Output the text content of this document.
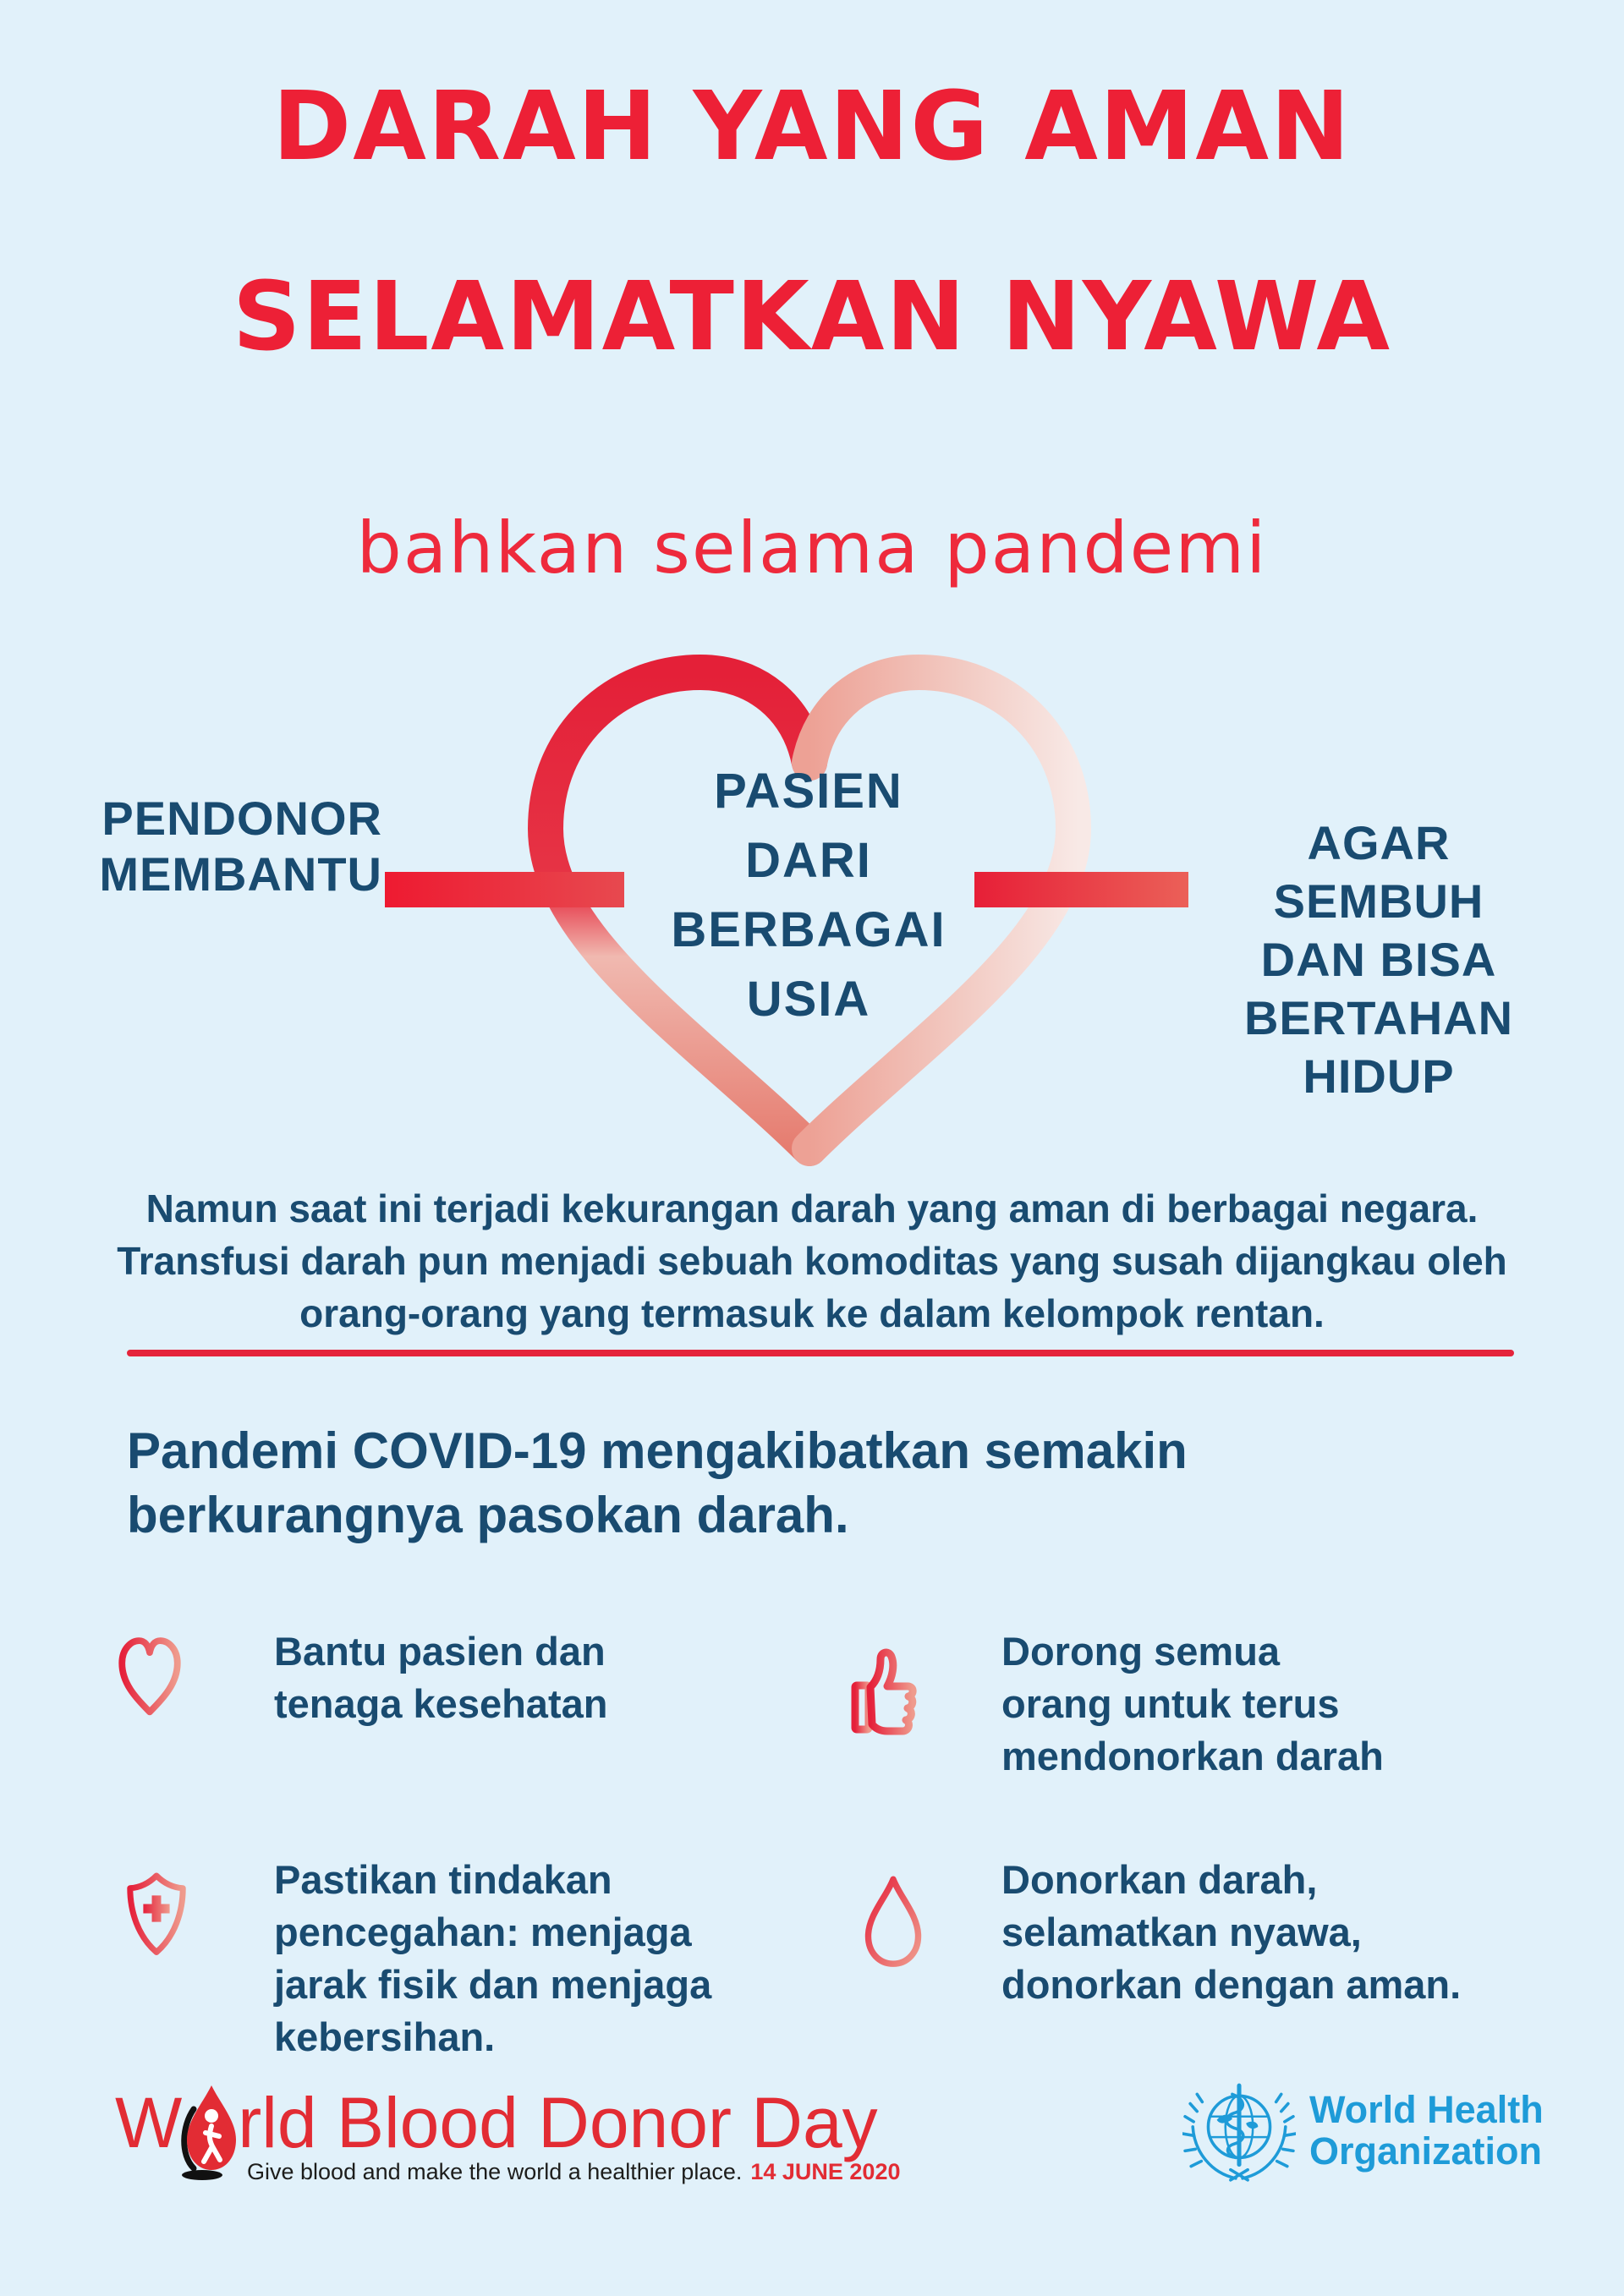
DARAH YANG AMAN
SELAMATKAN NYAWA
bahkan selama pandemi
PENDONOR
MEMBANTU
PASIEN
DARI
BERBAGAI
USIA
AGAR
SEMBUH
DAN BISA
BERTAHAN
HIDUP
Namun saat ini terjadi kekurangan darah yang aman di berbagai negara.
Transfusi darah pun menjadi sebuah komoditas yang susah dijangkau oleh
orang-orang yang termasuk ke dalam kelompok rentan.
Pandemi COVID-19 mengakibatkan semakin
berkurangnya pasokan darah.
Bantu pasien dan
tenaga kesehatan
Dorong semua
orang untuk terus
mendonorkan darah
Pastikan tindakan
pencegahan: menjaga
jarak fisik dan menjaga
kebersihan.
Donorkan darah,
selamatkan nyawa,
donorkan dengan aman.
W rld Blood Donor Day
Give blood and make the world a healthier place. 14 JUNE 2020
World Health
Organization
